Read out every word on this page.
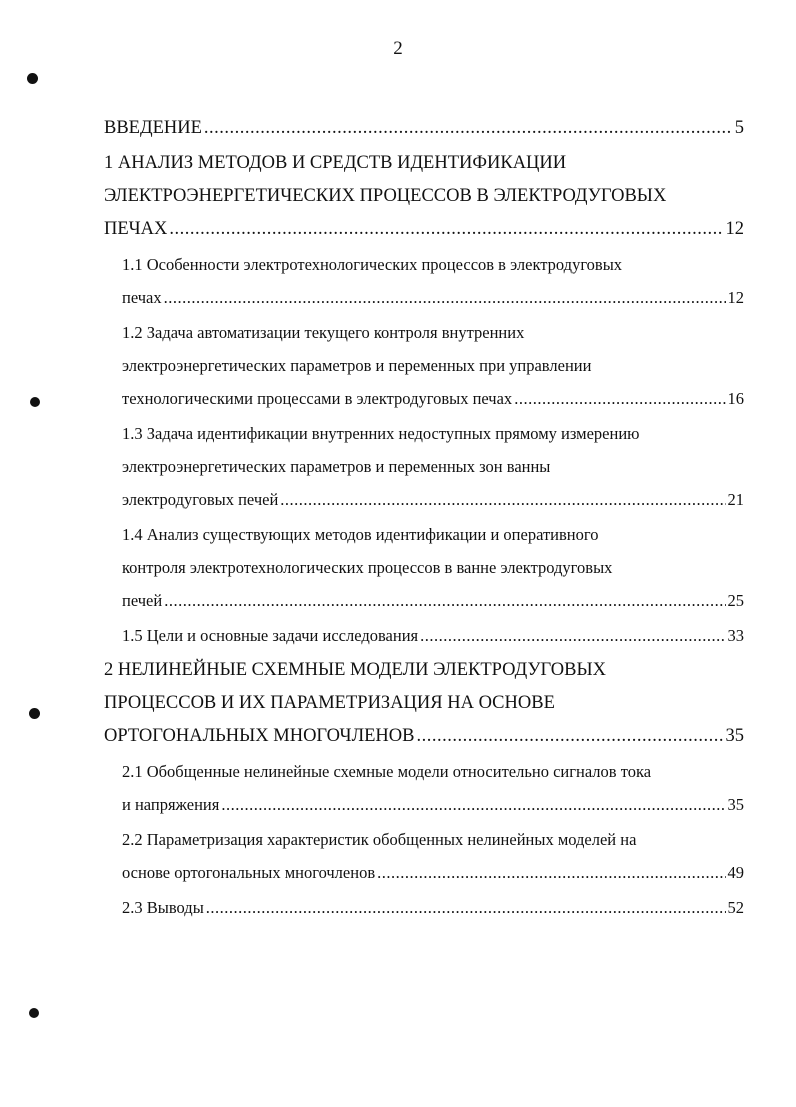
2
ВВЕДЕНИЕ .....	5
1 АНАЛИЗ МЕТОДОВ И СРЕДСТВ ИДЕНТИФИКАЦИИ
ЭЛЕКТРОЭНЕРГЕТИЧЕСКИХ ПРОЦЕССОВ В ЭЛЕКТРОДУГОВЫХ
ПЕЧАХ .....	12
1.1 Особенности электротехнологических процессов в электродуговых
печах .....	12
1.2 Задача автоматизации текущего контроля внутренних
электроэнергетических параметров и переменных при управлении
технологическими процессами в электродуговых печах .....	16
1.3 Задача идентификации внутренних недоступных прямому измерению
электроэнергетических параметров и переменных зон ванны
электродуговых печей .....	21
1.4 Анализ существующих методов идентификации и оперативного
контроля электротехнологических процессов в ванне электродуговых
печей .....	25
1.5 Цели и основные задачи исследования .....	33
2 НЕЛИНЕЙНЫЕ СХЕМНЫЕ МОДЕЛИ ЭЛЕКТРОДУГОВЫХ
ПРОЦЕССОВ И ИХ ПАРАМЕТРИЗАЦИЯ НА ОСНОВЕ
ОРТОГОНАЛЬНЫХ МНОГОЧЛЕНОВ .....	35
2.1 Обобщенные нелинейные схемные модели относительно сигналов тока
и напряжения .....	35
2.2 Параметризация характеристик обобщенных нелинейных моделей на
основе ортогональных многочленов .....	49
2.3 Выводы .....	52
